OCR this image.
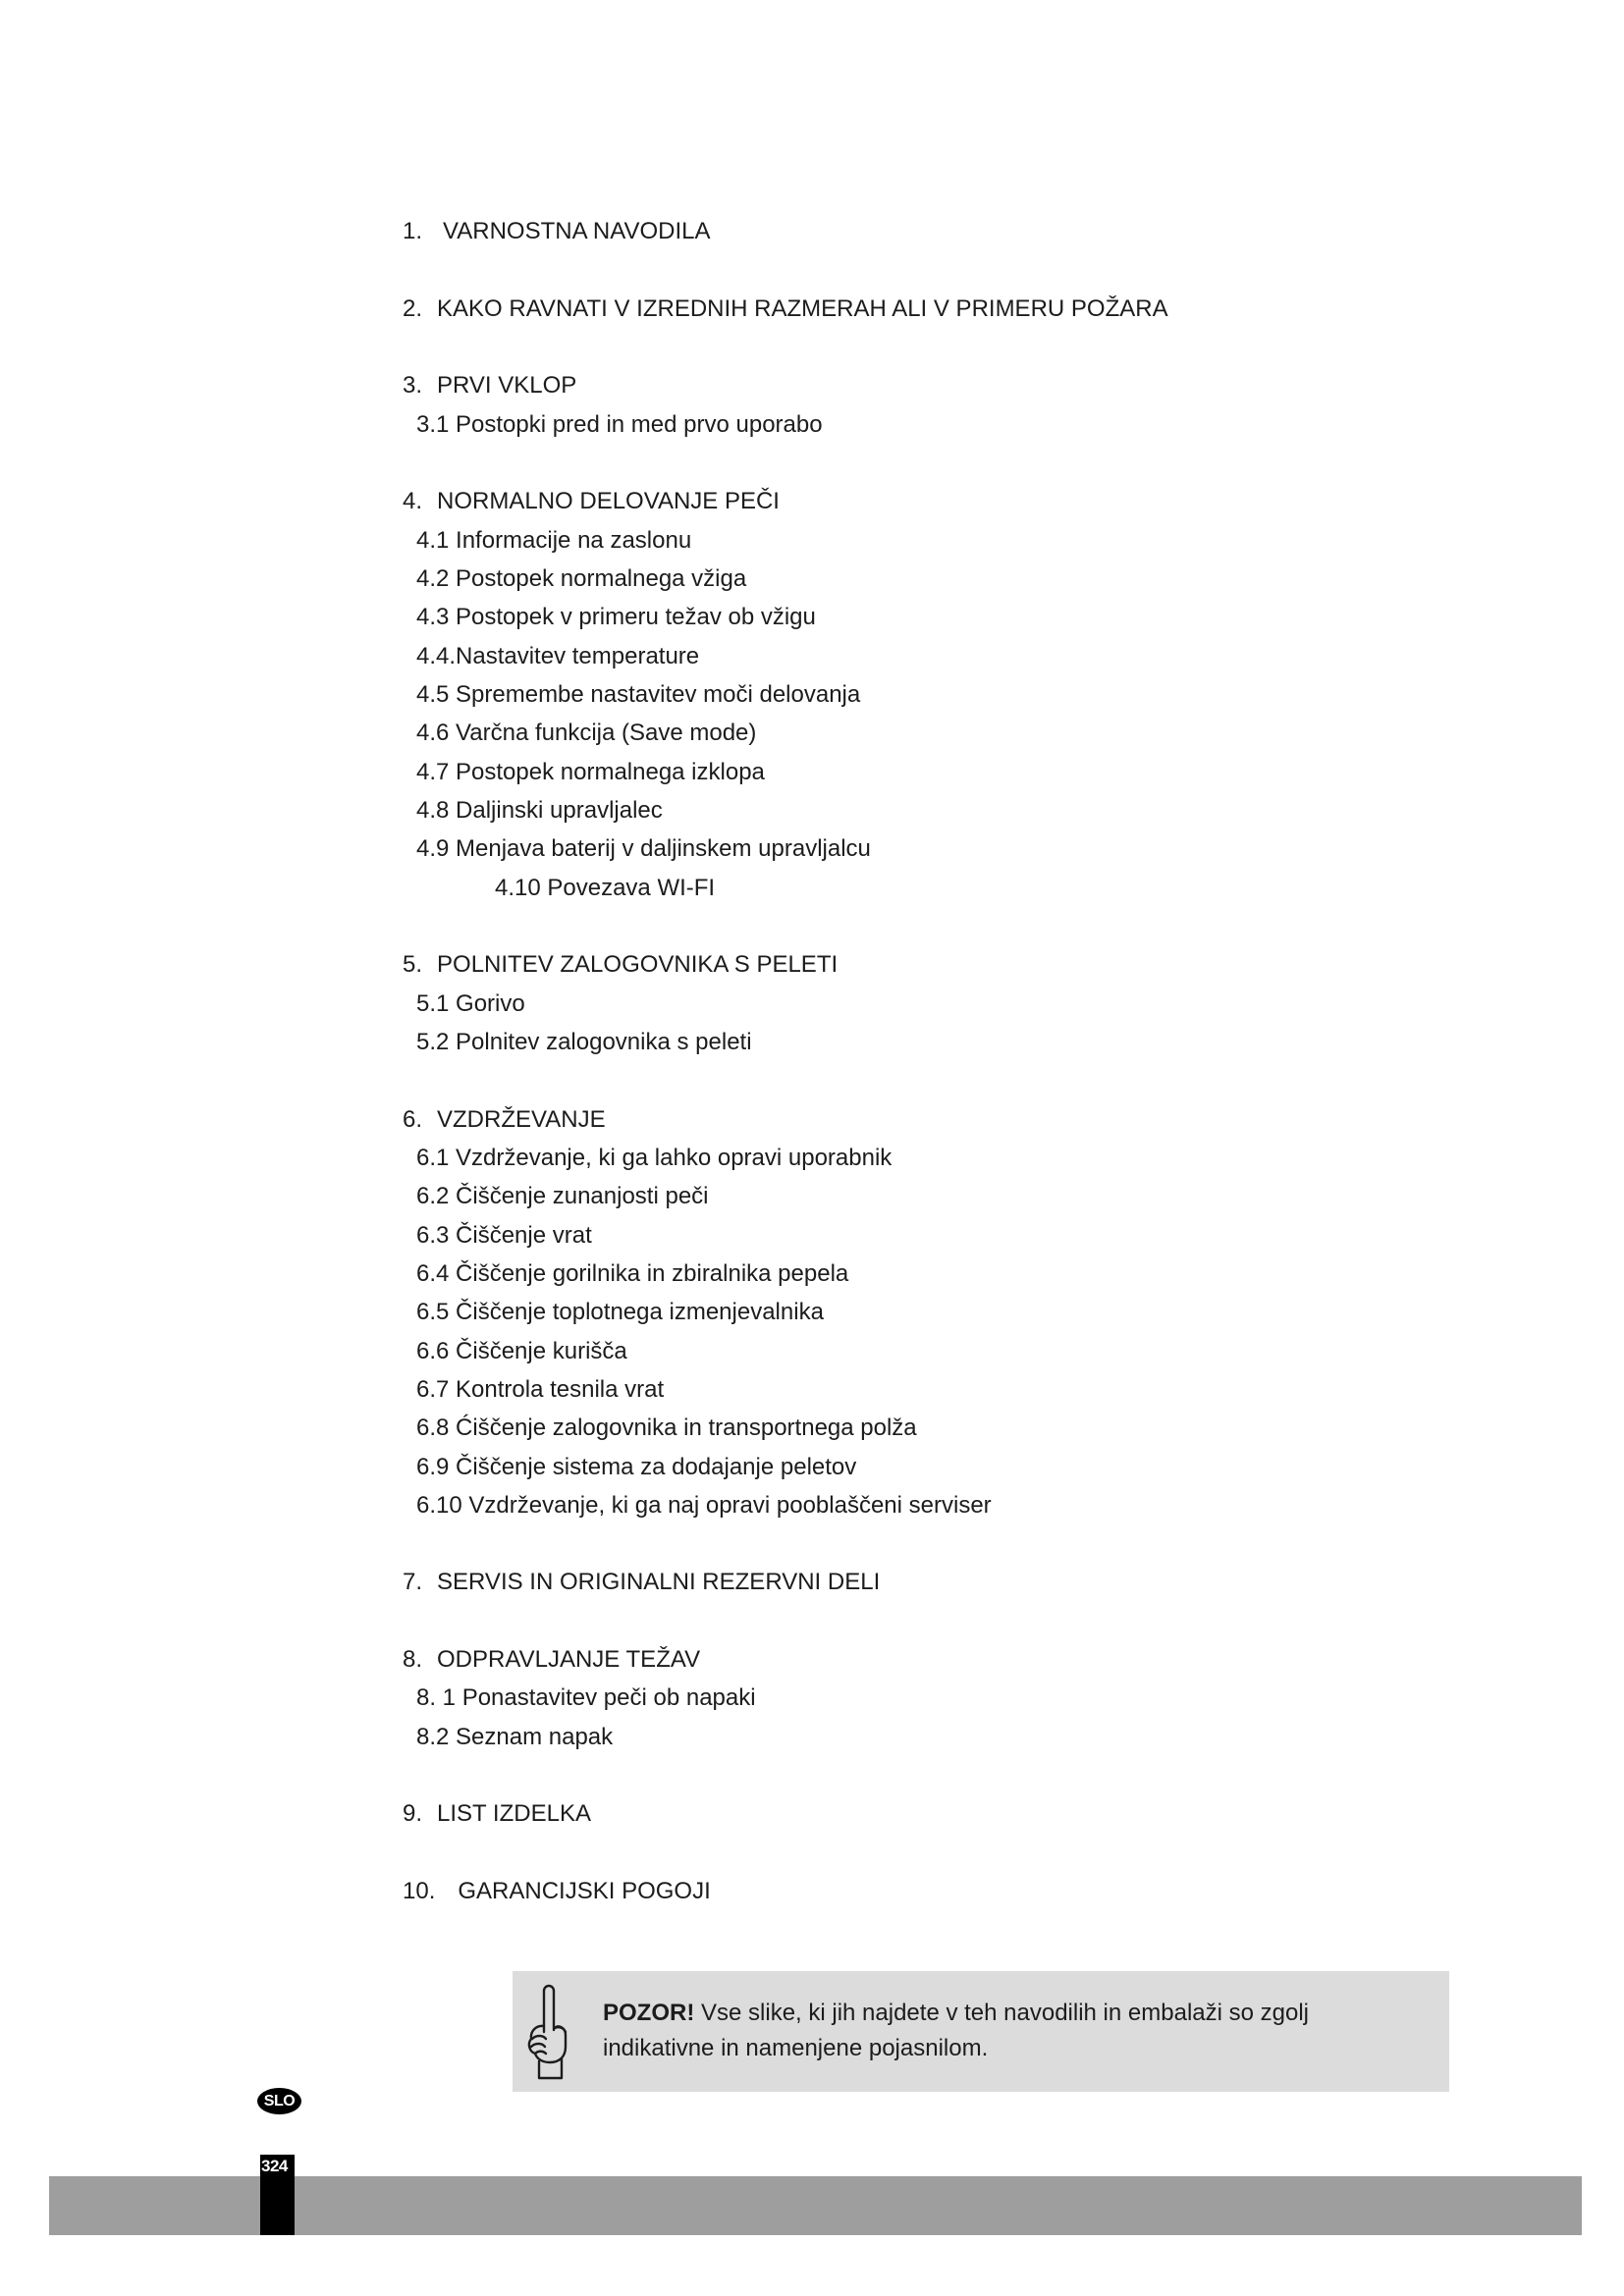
1. VARNOSTNA NAVODILA
2. KAKO RAVNATI V IZREDNIH RAZMERAH ALI V PRIMERU POŽARA
3. PRVI VKLOP
3.1 Postopki pred in med prvo uporabo
4. NORMALNO DELOVANJE PEČI
4.1 Informacije na zaslonu
4.2 Postopek normalnega vžiga
4.3 Postopek v primeru težav ob vžigu
4.4.Nastavitev temperature
4.5 Spremembe nastavitev moči delovanja
4.6 Varčna funkcija (Save mode)
4.7 Postopek normalnega izklopa
4.8 Daljinski upravljalec
4.9 Menjava baterij v daljinskem upravljalcu
4.10 Povezava WI-FI
5. POLNITEV ZALOGOVNIKA S PELETI
5.1 Gorivo
5.2 Polnitev zalogovnika s peleti
6. VZDRŽEVANJE
6.1 Vzdrževanje, ki ga lahko opravi uporabnik
6.2 Čiščenje zunanjosti peči
6.3 Čiščenje vrat
6.4 Čiščenje gorilnika in zbiralnika pepela
6.5 Čiščenje toplotnega izmenjevalnika
6.6 Čiščenje kurišča
6.7 Kontrola tesnila vrat
6.8 Ćiščenje zalogovnika in transportnega polža
6.9 Čiščenje sistema za dodajanje peletov
6.10 Vzdrževanje, ki ga naj opravi pooblaščeni serviser
7. SERVIS IN ORIGINALNI REZERVNI DELI
8. ODPRAVLJANJE TEŽAV
8. 1 Ponastavitev peči ob napaki
8.2 Seznam napak
9. LIST IZDELKA
10. GARANCIJSKI POGOJI
POZOR! Vse slike, ki jih najdete v teh navodilih in embalaži so zgolj
indikativne in namenjene pojasnilom.
SLO
324
